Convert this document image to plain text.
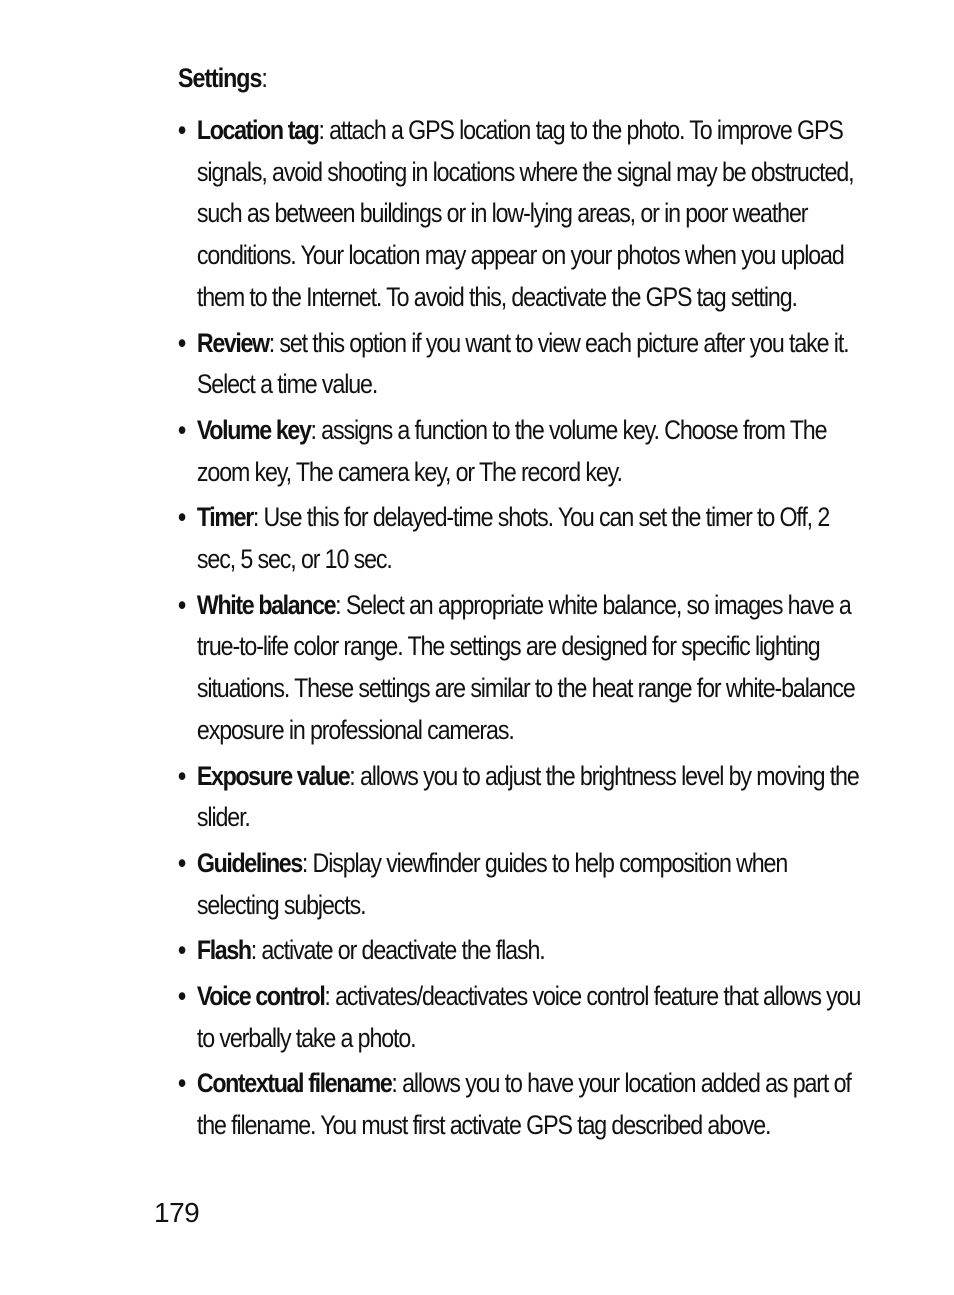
Settings:
• Location tag: attach a GPS location tag to the photo. To improve GPS signals, avoid shooting in locations where the signal may be obstructed, such as between buildings or in low-lying areas, or in poor weather conditions. Your location may appear on your photos when you upload them to the Internet. To avoid this, deactivate the GPS tag setting.
• Review: set this option if you want to view each picture after you take it. Select a time value.
• Volume key: assigns a function to the volume key. Choose from The zoom key, The camera key, or The record key.
• Timer: Use this for delayed-time shots. You can set the timer to Off, 2 sec, 5 sec, or 10 sec.
• White balance: Select an appropriate white balance, so images have a true-to-life color range. The settings are designed for specific lighting situations. These settings are similar to the heat range for white-balance exposure in professional cameras.
• Exposure value: allows you to adjust the brightness level by moving the slider.
• Guidelines: Display viewfinder guides to help composition when selecting subjects.
• Flash: activate or deactivate the flash.
• Voice control: activates/deactivates voice control feature that allows you to verbally take a photo.
• Contextual filename: allows you to have your location added as part of the filename. You must first activate GPS tag described above.
179
